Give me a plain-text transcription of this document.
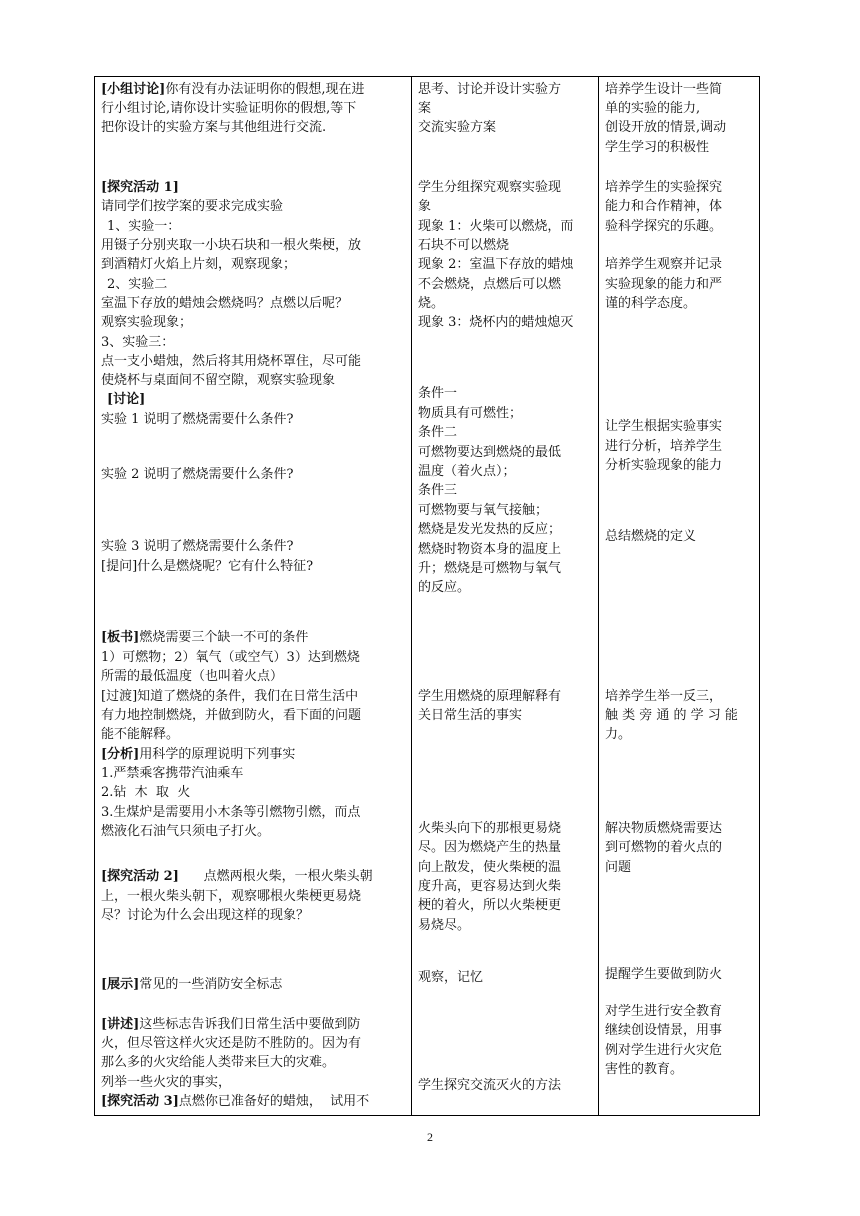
[小组讨论]你有没有办法证明你的假想,现在进
行小组讨论,请你设计实验证明你的假想,等下
把你设计的实验方案与其他组进行交流.
[探究活动 1]
请同学们按学案的要求完成实验
1、实验一：
用镊子分别夹取一小块石块和一根火柴梗，放
到酒精灯火焰上片刻，观察现象；
2、实验二
室温下存放的蜡烛会燃烧吗？点燃以后呢？
观察实验现象；
3、实验三：
点一支小蜡烛，然后将其用烧杯罩住，尽可能
使烧杯与桌面间不留空隙，观察实验现象
[讨论]
实验 1 说明了燃烧需要什么条件?
实验 2 说明了燃烧需要什么条件?
实验 3 说明了燃烧需要什么条件?
[提问]什么是燃烧呢？它有什么特征?
[板书]燃烧需要三个缺一不可的条件
1）可燃物；2）氧气（或空气）3）达到燃烧
所需的最低温度（也叫着火点）
[过渡]知道了燃烧的条件，我们在日常生活中
有力地控制燃烧，并做到防火，看下面的问题
能不能解释。
[分析]用科学的原理说明下列事实
1.严禁乘客携带汽油乘车
2.钻  木  取  火
3.生煤炉是需要用小木条等引燃物引燃，而点
燃液化石油气只须电子打火。
[探究活动 2]      点燃两根火柴，一根火柴头朝
上，一根火柴头朝下，观察哪根火柴梗更易烧
尽？讨论为什么会出现这样的现象？
[展示]常见的一些消防安全标志
[讲述]这些标志告诉我们日常生活中要做到防
火，但尽管这样火灾还是防不胜防的。因为有
那么多的火灾给能人类带来巨大的灾难。
列举一些火灾的事实，
[探究活动 3]点燃你已准备好的蜡烛，  试用不
思考、讨论并设计实验方
案
交流实验方案
学生分组探究观察实验现
象
现象 1：火柴可以燃烧，而
石块不可以燃烧
现象 2：室温下存放的蜡烛
不会燃烧，点燃后可以燃
烧。
现象 3：烧杯内的蜡烛熄灭
条件一
物质具有可燃性；
条件二
可燃物要达到燃烧的最低
温度（着火点）；
条件三
可燃物要与氧气接触；
燃烧是发光发热的反应；
燃烧时物资本身的温度上
升；燃烧是可燃物与氧气
的反应。
学生用燃烧的原理解释有
关日常生活的事实
火柴头向下的那根更易烧
尽。因为燃烧产生的热量
向上散发，使火柴梗的温
度升高，更容易达到火柴
梗的着火，所以火柴梗更
易烧尽。
观察，记忆
学生探究交流灭火的方法
培养学生设计一些简
单的实验的能力,
创设开放的情景,调动
学生学习的积极性
培养学生的实验探究
能力和合作精神，体
验科学探究的乐趣。
培养学生观察并记录
实验现象的能力和严
谨的科学态度。
让学生根据实验事实
进行分析，培养学生
分析实验现象的能力
总结燃烧的定义
培养学生举一反三，
触 类 旁 通 的 学 习 能
力。
解决物质燃烧需要达
到可燃物的着火点的
问题
提醒学生要做到防火
对学生进行安全教育
继续创设情景，用事
例对学生进行火灾危
害性的教育。
2
